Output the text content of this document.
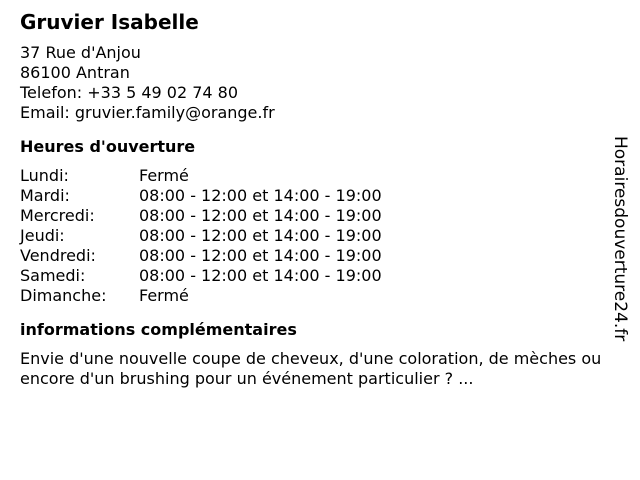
Gruvier Isabelle
37 Rue d'Anjou
86100 Antran
Telefon: +33 5 49 02 74 80
Email: gruvier.family@orange.fr
Heures d'ouverture
Lundi:	Fermé
Mardi:	08:00 - 12:00 et 14:00 - 19:00
Mercredi:	08:00 - 12:00 et 14:00 - 19:00
Jeudi:	08:00 - 12:00 et 14:00 - 19:00
Vendredi:	08:00 - 12:00 et 14:00 - 19:00
Samedi:	08:00 - 12:00 et 14:00 - 19:00
Dimanche:	Fermé
informations complémentaires
Envie d'une nouvelle coupe de cheveux, d'une coloration, de mèches ou encore d'un brushing pour un événement particulier ? ...
Horairesdouverture24.fr
